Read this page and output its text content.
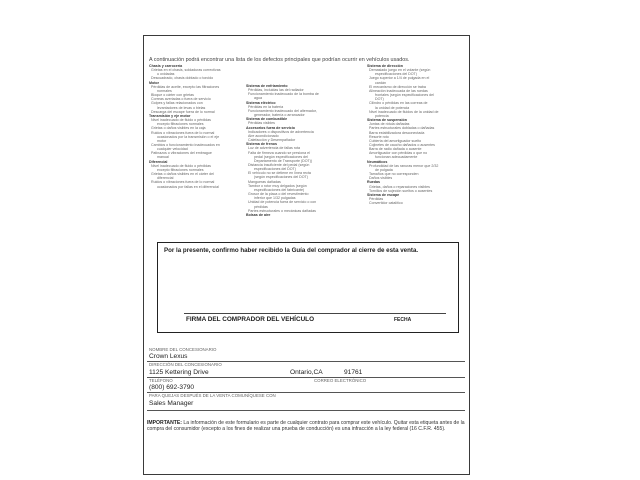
A continuación podrá encontrar una lista de los defectos principales que podrían ocurrir en vehículos usados.
Chasis y carrocería
Grietas en el chasis, soldaduras correctivas
u oxidadas
Descuadrado, chasis doblado o torcido
Motor
Pérdidas de aceite, excepto las filtraciones
normales
Bloque o cárter con grietas
Correas averiadas o fuera de servicio
Golpes y fallas relacionados con
levantadores de levas o bielas
Descarga del escape fuera de lo normal
Transmisión y eje motor
Nivel inadecuado de fluido o pérdidas
excepto filtraciones normales
Grietas o daños visibles en la caja
Ruidos o vibraciones fuera de lo normal
ocasionados por la transmisión o el eje
motor
Cambios o funcionamiento inadecuados en
cualquier velocidad
Patinazos o vibraciones del embrague
manual
Diferencial
Nivel inadecuado de fluido o pérdidas
excepto filtraciones normales
Grietas o daños visibles en el cárter del
diferencial
Ruidos o vibraciones fuera de lo normal
ocasionados por fallas en el diferencial
Sistema de enfriamiento
Pérdidas, incluidas las del radiador
Funcionamiento inadecuado de la bomba de
agua
Sistema eléctrico
Pérdidas en la batería
Funcionamiento inadecuado del alternador,
generador, batería o arrancador
Sistema de combustible
Pérdidas visibles
Accesorios fuera de servicio
Indicadores o dispositivos de advertencia
Aire acondicionado
Calefacción y Desempañador
Sistema de frenos
Luz de advertencia de fallas rota
Falta de firmeza cuando se presiona el
pedal (según especificaciones del
Departamento de Transporte (DOT))
Distancia insuficiente del pedal (según
especificaciones del DOT)
El vehículo no se detiene en línea recta
(según especificaciones del DOT)
Mangueras dañadas
Tambor o rotor muy delgados (según
especificaciones del fabricante)
Grosor de la placa o del revestimiento
inferior que 1/32 pulgadas
Unidad de potencia fuera de servicio o con
pérdidas
Partes estructurales o mecánicas dañadas
Bolsas de aire
Sistema de dirección
Demasiado juego en el volante (según
especificaciones del DOT)
Juego superior a 1/4 de pulgada en el
cardán
El mecanismo de dirección se traba
Alineación inadecuada de las ruedas
frontales (según especificaciones del
DOT)
Cilindro o pérdidas en las correas de
la unidad de potencia
Nivel inadecuado de fluidos de la unidad de
potencia
Sistema de suspensión
Juntas de rótula dañadas
Partes estructurales dobladas o dañadas
Barra estabilizadora desconectada
Resorte roto
Cubierta del amortiguador suelto
Cojinetes de caucho dañados o ausentes
Barra de radio dañada o ausente
Amortiguador con pérdidas o que no
funcionan adecuadamente
Neumáticos
Profundidad de las ranuras menor que 2/32
de pulgada
Tamaños que no corresponden
Daños visibles
Ruedas
Grietas, daños o reparaciones visibles
Tornillos de sujeción sueltos o ausentes
Sistema de escape
Pérdidas
Convertidor catalítico
Por la presente, confirmo haber recibido la Guía del comprador al cierre de esta venta.
FIRMA DEL COMPRADOR DEL VEHÍCULO	FECHA
NOMBRE DEL CONCESIONARIO
Crown Lexus
DIRECCIÓN DEL CONCESIONARIO
1125 Kettering Drive	Ontario,CA	91761
TELÉFONO	CORREO ELECTRÓNICO
(800) 692-3790
PARA QUEJAS DESPUÉS DE LA VENTA COMUNÍQUESE CON
Sales Manager
IMPORTANTE: La información de este formulario es parte de cualquier contrato para comprar este vehículo. Quitar esta etiqueta antes de la compra del consumidor (excepto a los fines de realizar una prueba de conducción) es una infracción a la ley federal (16 C.F.R. 455).
